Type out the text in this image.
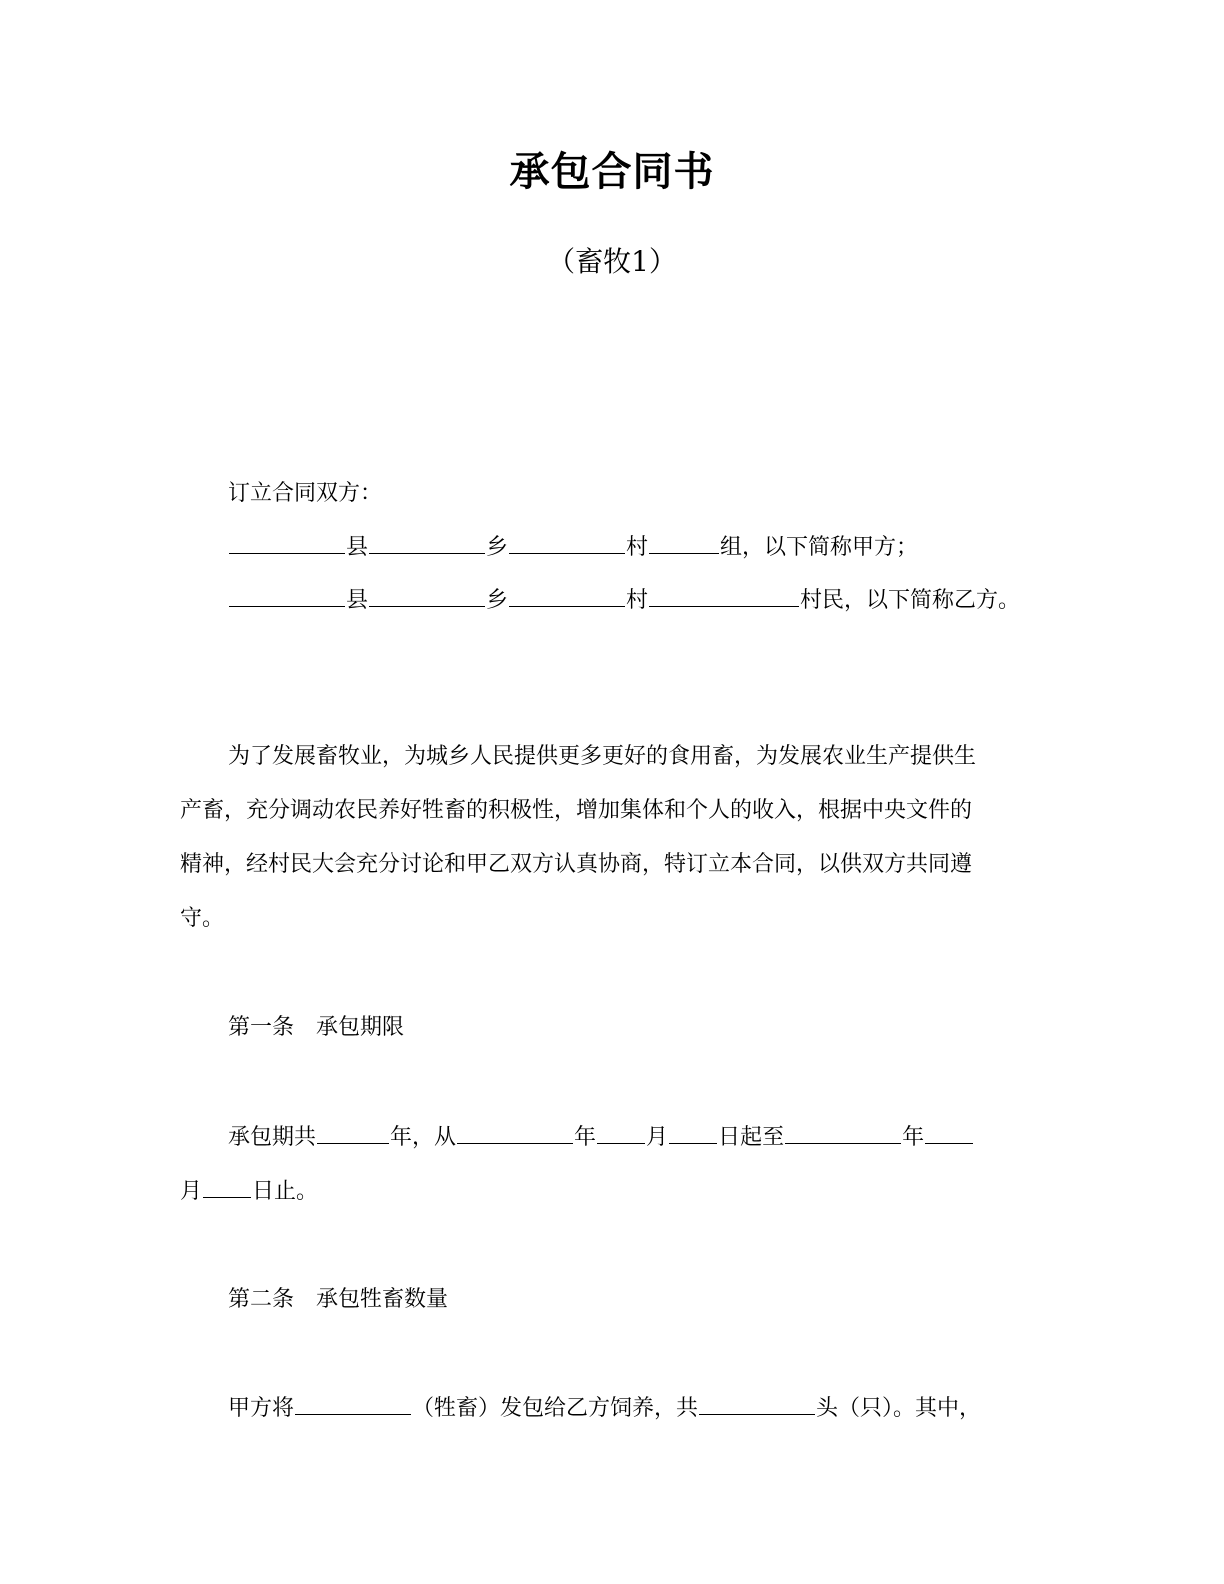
承包合同书
（畜牧1）
订立合同双方：
县	乡	村	组，以下简称甲方；
县	乡	村	村民，以下简称乙方。
为了发展畜牧业，为城乡人民提供更多更好的食用畜，为发展农业生产提供生
产畜，充分调动农民养好牲畜的积极性，增加集体和个人的收入，根据中央文件的
精神，经村民大会充分讨论和甲乙双方认真协商，特订立本合同，以供双方共同遵
守。
第一条　承包期限
承包期共	年，从	年 月 日起至	年
月 日止。
第二条　承包牲畜数量
甲方将	（牲畜）发包给乙方饲养，共	头（只）。其中，
